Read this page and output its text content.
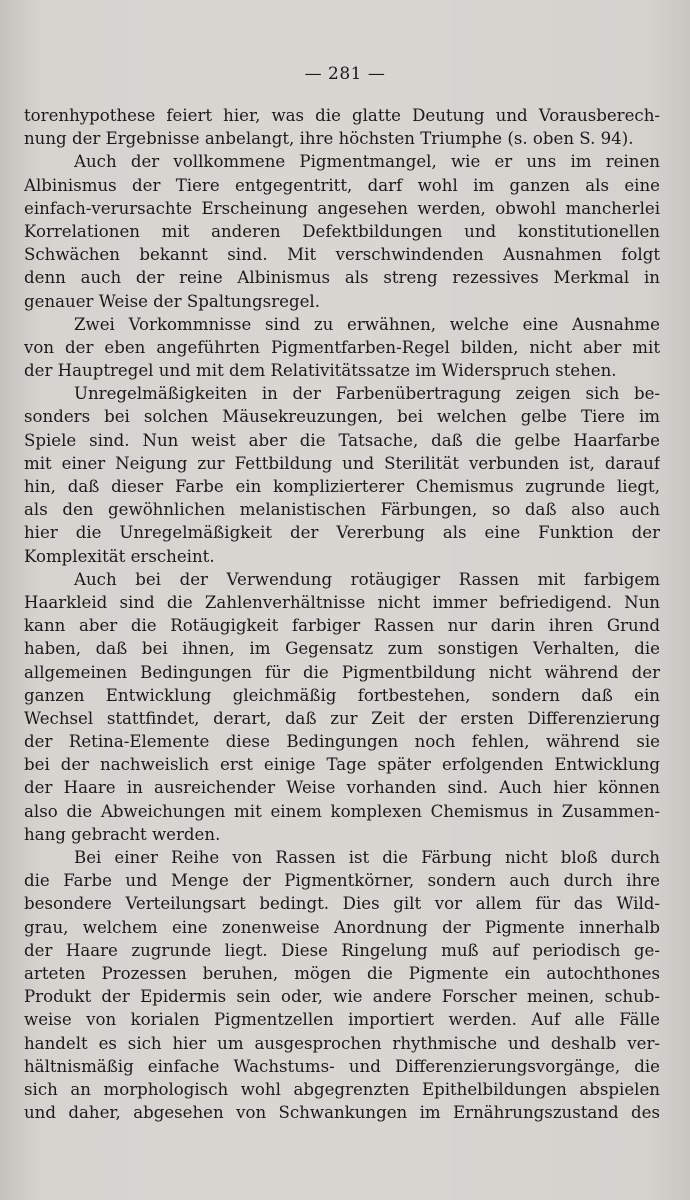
— 281 —
torenhypothese feiert hier, was die glatte Deutung und Vorausberech-
nung der Ergebnisse anbelangt, ihre höchsten Triumphe (s. oben S. 94).
Auch der vollkommene Pigmentmangel, wie er uns im reinen
Albinismus der Tiere entgegentritt, darf wohl im ganzen als eine
einfach-verursachte Erscheinung angesehen werden, obwohl mancherlei
Korrelationen mit anderen Defektbildungen und konstitutionellen
Schwächen bekannt sind. Mit verschwindenden Ausnahmen folgt
denn auch der reine Albinismus als streng rezessives Merkmal in
genauer Weise der Spaltungsregel.
Zwei Vorkommnisse sind zu erwähnen, welche eine Ausnahme
von der eben angeführten Pigmentfarben-Regel bilden, nicht aber mit
der Hauptregel und mit dem Relativitätssatze im Widerspruch stehen.
Unregelmäßigkeiten in der Farbenübertragung zeigen sich be-
sonders bei solchen Mäusekreuzungen, bei welchen gelbe Tiere im
Spiele sind. Nun weist aber die Tatsache, daß die gelbe Haarfarbe
mit einer Neigung zur Fettbildung und Sterilität verbunden ist, darauf
hin, daß dieser Farbe ein komplizierterer Chemismus zugrunde liegt,
als den gewöhnlichen melanistischen Färbungen, so daß also auch
hier die Unregelmäßigkeit der Vererbung als eine Funktion der
Komplexität erscheint.
Auch bei der Verwendung rotäugiger Rassen mit farbigem
Haarkleid sind die Zahlenverhältnisse nicht immer befriedigend. Nun
kann aber die Rotäugigkeit farbiger Rassen nur darin ihren Grund
haben, daß bei ihnen, im Gegensatz zum sonstigen Verhalten, die
allgemeinen Bedingungen für die Pigmentbildung nicht während der
ganzen Entwicklung gleichmäßig fortbestehen, sondern daß ein
Wechsel stattfindet, derart, daß zur Zeit der ersten Differenzierung
der Retina-Elemente diese Bedingungen noch fehlen, während sie
bei der nachweislich erst einige Tage später erfolgenden Entwicklung
der Haare in ausreichender Weise vorhanden sind. Auch hier können
also die Abweichungen mit einem komplexen Chemismus in Zusammen-
hang gebracht werden.
Bei einer Reihe von Rassen ist die Färbung nicht bloß durch
die Farbe und Menge der Pigmentkörner, sondern auch durch ihre
besondere Verteilungsart bedingt. Dies gilt vor allem für das Wild-
grau, welchem eine zonenweise Anordnung der Pigmente innerhalb
der Haare zugrunde liegt. Diese Ringelung muß auf periodisch ge-
arteten Prozessen beruhen, mögen die Pigmente ein autochthones
Produkt der Epidermis sein oder, wie andere Forscher meinen, schub-
weise von korialen Pigmentzellen importiert werden. Auf alle Fälle
handelt es sich hier um ausgesprochen rhythmische und deshalb ver-
hältnismäßig einfache Wachstums- und Differenzierungsvorgänge, die
sich an morphologisch wohl abgegrenzten Epithelbildungen abspielen
und daher, abgesehen von Schwankungen im Ernährungszustand des
